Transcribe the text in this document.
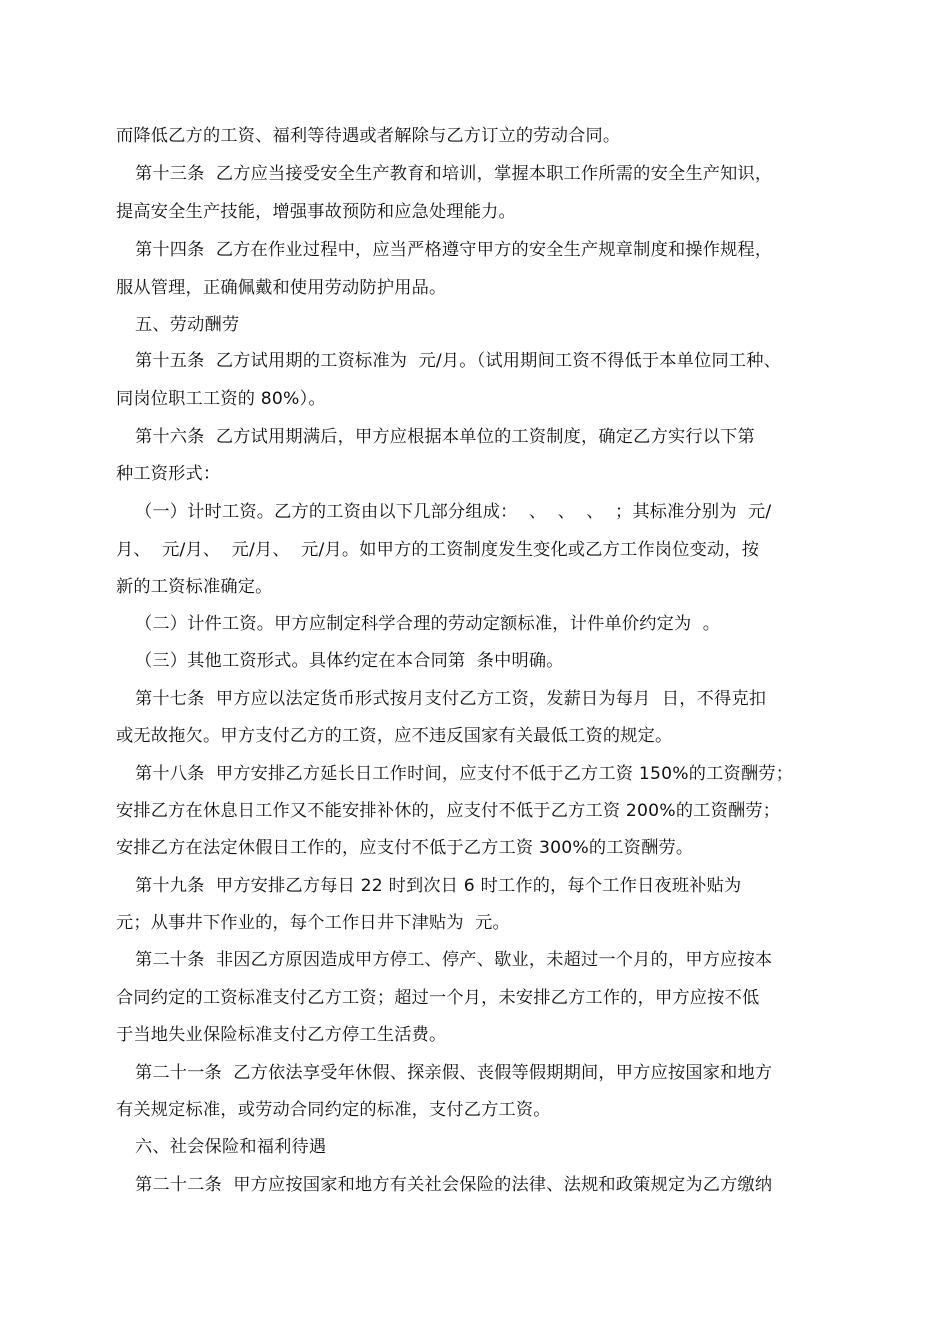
而降低乙方的工资、福利等待遇或者解除与乙方订立的劳动合同。
第十三条  乙方应当接受安全生产教育和培训，掌握本职工作所需的安全生产知识，
提高安全生产技能，增强事故预防和应急处理能力。
第十四条  乙方在作业过程中，应当严格遵守甲方的安全生产规章制度和操作规程，
服从管理，正确佩戴和使用劳动防护用品。
五、劳动酬劳
第十五条  乙方试用期的工资标准为  元/月。（试用期间工资不得低于本单位同工种、
同岗位职工工资的 80%）。
第十六条  乙方试用期满后，甲方应根据本单位的工资制度，确定乙方实行以下第
种工资形式：
（一）计时工资。乙方的工资由以下几部分组成：  、  、  、  ；其标准分别为  元/
月、  元/月、  元/月、  元/月。如甲方的工资制度发生变化或乙方工作岗位变动，按
新的工资标准确定。
（二）计件工资。甲方应制定科学合理的劳动定额标准，计件单价约定为  。
（三）其他工资形式。具体约定在本合同第  条中明确。
第十七条  甲方应以法定货币形式按月支付乙方工资，发薪日为每月  日，不得克扣
或无故拖欠。甲方支付乙方的工资，应不违反国家有关最低工资的规定。
第十八条  甲方安排乙方延长日工作时间，应支付不低于乙方工资 150%的工资酬劳；
安排乙方在休息日工作又不能安排补休的，应支付不低于乙方工资 200%的工资酬劳；
安排乙方在法定休假日工作的，应支付不低于乙方工资 300%的工资酬劳。
第十九条  甲方安排乙方每日 22 时到次日 6 时工作的，每个工作日夜班补贴为
元；从事井下作业的，每个工作日井下津贴为  元。
第二十条  非因乙方原因造成甲方停工、停产、歇业，未超过一个月的，甲方应按本
合同约定的工资标准支付乙方工资；超过一个月，未安排乙方工作的，甲方应按不低
于当地失业保险标准支付乙方停工生活费。
第二十一条  乙方依法享受年休假、探亲假、丧假等假期期间，甲方应按国家和地方
有关规定标准，或劳动合同约定的标准，支付乙方工资。
六、社会保险和福利待遇
第二十二条  甲方应按国家和地方有关社会保险的法律、法规和政策规定为乙方缴纳
